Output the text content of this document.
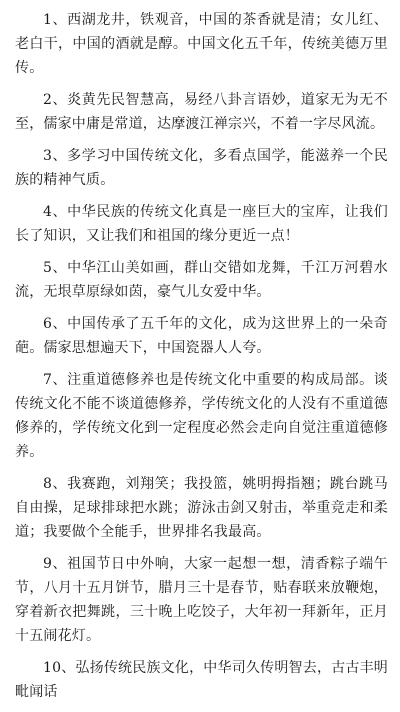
1、西湖龙井，铁观音，中国的茶香就是清；女儿红、老白干，中国的酒就是醇。中国文化五千年，传统美德万里传。

2、炎黄先民智慧高，易经八卦言语妙，道家无为无不至，儒家中庸是常道，达摩渡江禅宗兴，不着一字尽风流。

3、多学习中国传统文化，多看点国学，能滋养一个民族的精神气质。

4、中华民族的传统文化真是一座巨大的宝库，让我们长了知识，又让我们和祖国的缘分更近一点！

5、中华江山美如画，群山交错如龙舞，千江万河碧水流，无垠草原绿如茵，豪气儿女爱中华。

6、中国传承了五千年的文化，成为这世界上的一朵奇葩。儒家思想遍天下，中国瓷器人人夸。

7、注重道德修养也是传统文化中重要的构成局部。谈传统文化不能不谈道德修养，学传统文化的人没有不重道德修养的，学传统文化到一定程度必然会走向自觉注重道德修养。

8、我赛跑，刘翔笑；我投篮，姚明拇指翘；跳台跳马自由操，足球排球把水跳；游泳击剑又射击，举重竞走和柔道；我要做个全能手，世界排名我最高。

9、祖国节日中外响，大家一起想一想，清香粽子端午节，八月十五月饼节，腊月三十是春节，贴春联来放鞭炮，穿着新衣把舞跳，三十晚上吃饺子，大年初一拜新年，正月十五闹花灯。

10、弘扬传统民族文化，中华司久传明智去，古古丰明毗闻话
